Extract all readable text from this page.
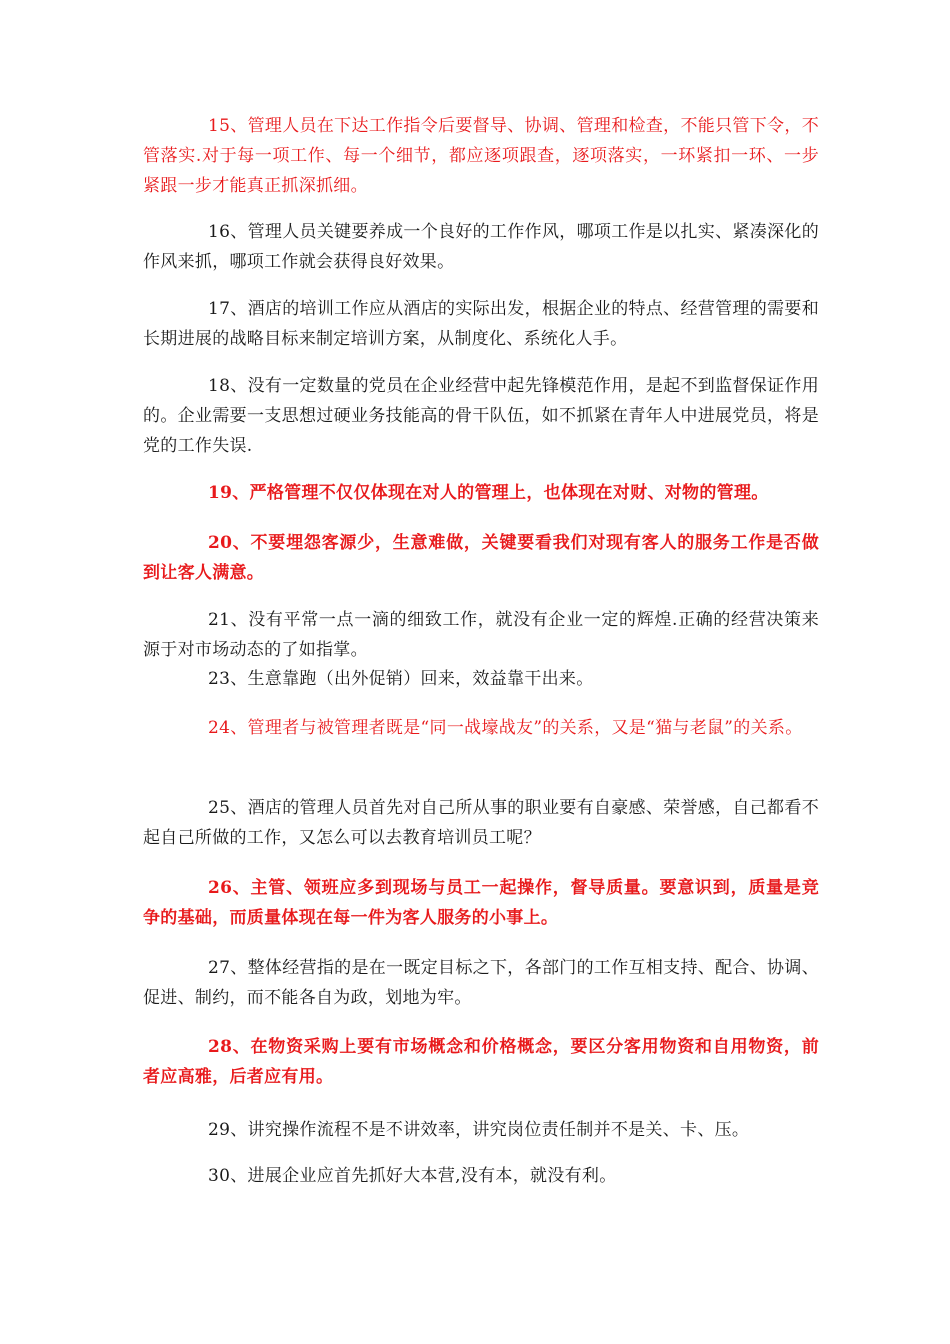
15、管理人员在下达工作指令后要督导、协调、管理和检查，不能只管下令，不管落实.对于每一项工作、每一个细节，都应逐项跟查，逐项落实，一环紧扣一环、一步紧跟一步才能真正抓深抓细。

16、管理人员关键要养成一个良好的工作作风，哪项工作是以扎实、紧凑深化的作风来抓，哪项工作就会获得良好效果。

17、酒店的培训工作应从酒店的实际出发，根据企业的特点、经营管理的需要和长期进展的战略目标来制定培训方案，从制度化、系统化人手。

18、没有一定数量的党员在企业经营中起先锋模范作用，是起不到监督保证作用的。企业需要一支思想过硬业务技能高的骨干队伍，如不抓紧在青年人中进展党员，将是党的工作失误.

19、严格管理不仅仅体现在对人的管理上，也体现在对财、对物的管理。

20、不要埋怨客源少，生意难做，关键要看我们对现有客人的服务工作是否做到让客人满意。

21、没有平常一点一滴的细致工作，就没有企业一定的辉煌.正确的经营决策来源于对市场动态的了如指掌。

23、生意靠跑（出外促销）回来，效益靠干出来。

24、管理者与被管理者既是“同一战壕战友”的关系，又是“猫与老鼠”的关系。

25、酒店的管理人员首先对自己所从事的职业要有自豪感、荣誉感，自己都看不起自己所做的工作，又怎么可以去教育培训员工呢？

26、主管、领班应多到现场与员工一起操作，督导质量。要意识到，质量是竞争的基础，而质量体现在每一件为客人服务的小事上。

27、整体经营指的是在一既定目标之下，各部门的工作互相支持、配合、协调、促进、制约，而不能各自为政，划地为牢。

28、在物资采购上要有市场概念和价格概念，要区分客用物资和自用物资，前者应高雅，后者应有用。

29、讲究操作流程不是不讲效率，讲究岗位责任制并不是关、卡、压。

30、进展企业应首先抓好大本营,没有本，就没有利。
